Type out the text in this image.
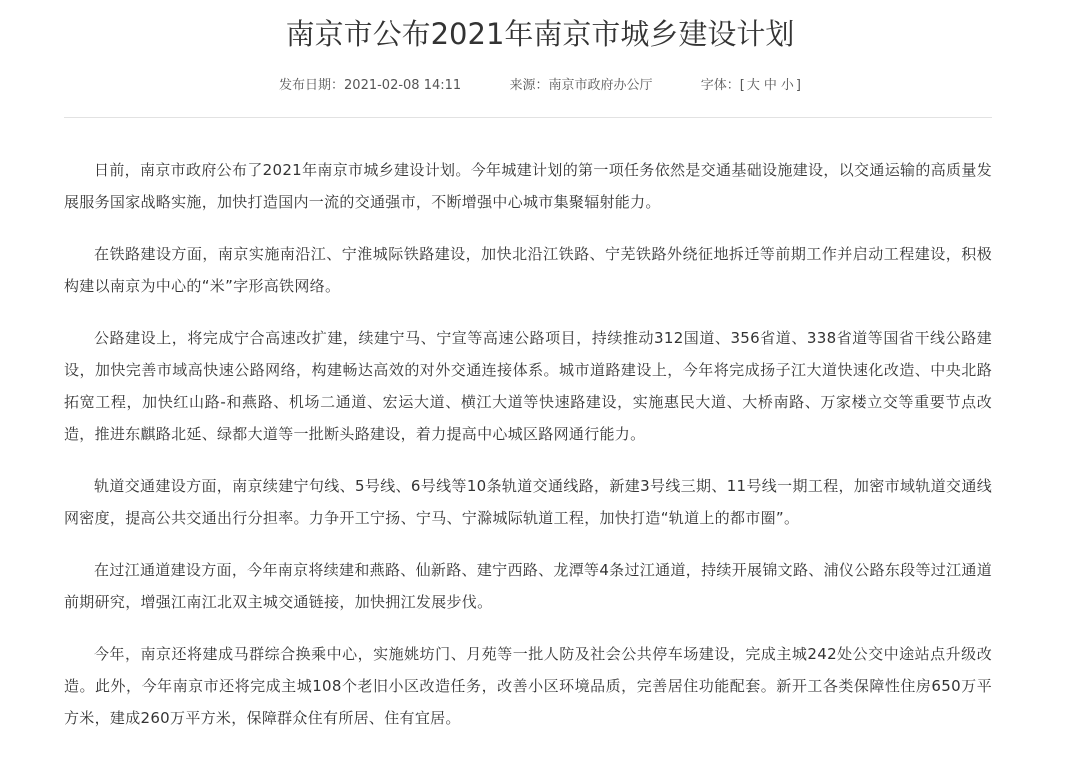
南京市公布2021年南京市城乡建设计划
发布日期：2021-02-08 14:11	来源：南京市政府办公厅	字体：[ 大 中 小 ]

日前，南京市政府公布了2021年南京市城乡建设计划。今年城建计划的第一项任务依然是交通基础设施建设，以交通运输的高质量发展服务国家战略实施，加快打造国内一流的交通强市，不断增强中心城市集聚辐射能力。

在铁路建设方面，南京实施南沿江、宁淮城际铁路建设，加快北沿江铁路、宁芜铁路外绕征地拆迁等前期工作并启动工程建设，积极构建以南京为中心的“米”字形高铁网络。

公路建设上，将完成宁合高速改扩建，续建宁马、宁宣等高速公路项目，持续推动312国道、356省道、338省道等国省干线公路建设，加快完善市域高快速公路网络，构建畅达高效的对外交通连接体系。城市道路建设上，今年将完成扬子江大道快速化改造、中央北路拓宽工程，加快红山路-和燕路、机场二通道、宏运大道、横江大道等快速路建设，实施惠民大道、大桥南路、万家楼立交等重要节点改造，推进东麒路北延、绿都大道等一批断头路建设，着力提高中心城区路网通行能力。

轨道交通建设方面，南京续建宁句线、5号线、6号线等10条轨道交通线路，新建3号线三期、11号线一期工程，加密市域轨道交通线网密度，提高公共交通出行分担率。力争开工宁扬、宁马、宁滁城际轨道工程，加快打造“轨道上的都市圈”。

在过江通道建设方面，今年南京将续建和燕路、仙新路、建宁西路、龙潭等4条过江通道，持续开展锦文路、浦仪公路东段等过江通道前期研究，增强江南江北双主城交通链接，加快拥江发展步伐。

今年，南京还将建成马群综合换乘中心，实施姚坊门、月苑等一批人防及社会公共停车场建设，完成主城242处公交中途站点升级改造。此外，今年南京市还将完成主城108个老旧小区改造任务，改善小区环境品质，完善居住功能配套。新开工各类保障性住房650万平方米，建成260万平方米，保障群众住有所居、住有宜居。
